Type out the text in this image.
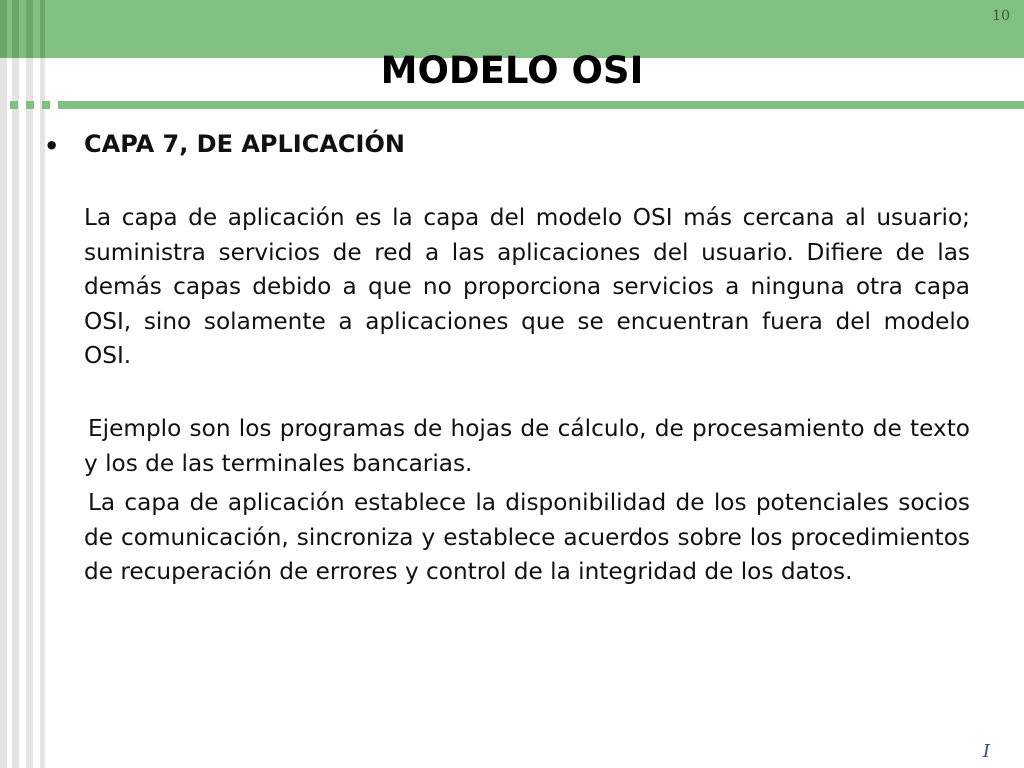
10
MODELO OSI
• CAPA 7, DE APLICACIÓN

La capa de aplicación es la capa del modelo OSI más cercana al usuario; suministra servicios de red a las aplicaciones del usuario. Difiere de las demás capas debido a que no proporciona servicios a ninguna otra capa OSI, sino solamente a aplicaciones que se encuentran fuera del modelo OSI.

Ejemplo son los programas de hojas de cálculo, de procesamiento de texto y los de las terminales bancarias.

La capa de aplicación establece la disponibilidad de los potenciales socios de comunicación, sincroniza y establece acuerdos sobre los procedimientos de recuperación de errores y control de la integridad de los datos.

I
